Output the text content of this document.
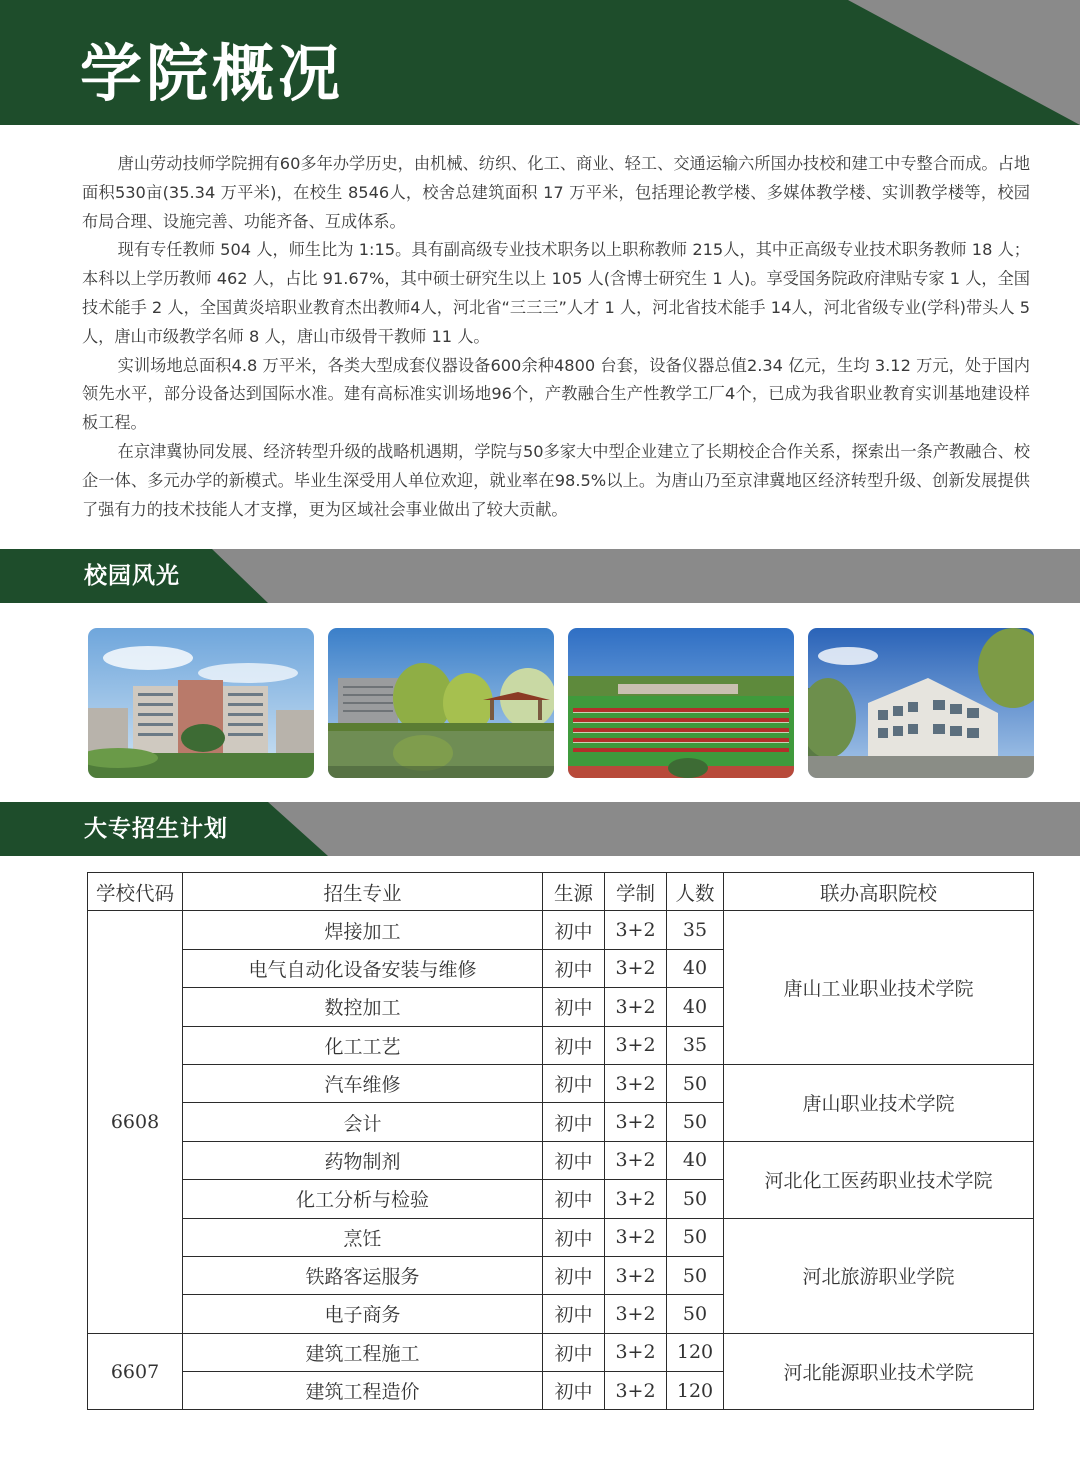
学院概况

唐山劳动技师学院拥有60多年办学历史，由机械、纺织、化工、商业、轻工、交通运输六所国办技校和建工中专整合而成。占地面积530亩(35.34 万平米)，在校生 8546人，校舍总建筑面积 17 万平米，包括理论教学楼、多媒体教学楼、实训教学楼等，校园布局合理、设施完善、功能齐备、互成体系。

现有专任教师 504 人，师生比为 1:15。具有副高级专业技术职务以上职称教师 215人，其中正高级专业技术职务教师 18 人；本科以上学历教师 462 人，占比 91.67%，其中硕士研究生以上 105 人(含博士研究生 1 人)。享受国务院政府津贴专家 1 人，全国技术能手 2 人，全国黄炎培职业教育杰出教师4人，河北省“三三三”人才 1 人，河北省技术能手 14人，河北省级专业(学科)带头人 5 人，唐山市级教学名师 8 人，唐山市级骨干教师 11 人。

实训场地总面积4.8 万平米，各类大型成套仪器设备600余种4800 台套，设备仪器总值2.34 亿元，生均 3.12 万元，处于国内领先水平，部分设备达到国际水准。建有高标准实训场地96个，产教融合生产性教学工厂4个，已成为我省职业教育实训基地建设样板工程。

在京津冀协同发展、经济转型升级的战略机遇期，学院与50多家大中型企业建立了长期校企合作关系，探索出一条产教融合、校企一体、多元办学的新模式。毕业生深受用人单位欢迎，就业率在98.5%以上。为唐山乃至京津冀地区经济转型升级、创新发展提供了强有力的技术技能人才支撑，更为区域社会事业做出了较大贡献。

校园风光
大专招生计划
学校代码	招生专业	生源	学制	人数	联办高职院校
6608	焊接加工	初中	3+2	35	唐山工业职业技术学院
	电气自动化设备安装与维修	初中	3+2	40	
	数控加工	初中	3+2	40	
	化工工艺	初中	3+2	35	
	汽车维修	初中	3+2	50	唐山职业技术学院
	会计	初中	3+2	50	
	药物制剂	初中	3+2	40	河北化工医药职业技术学院
	化工分析与检验	初中	3+2	50	
	烹饪	初中	3+2	50	河北旅游职业学院
	铁路客运服务	初中	3+2	50	
	电子商务	初中	3+2	50	
6607	建筑工程施工	初中	3+2	120	河北能源职业技术学院
	建筑工程造价	初中	3+2	120	
